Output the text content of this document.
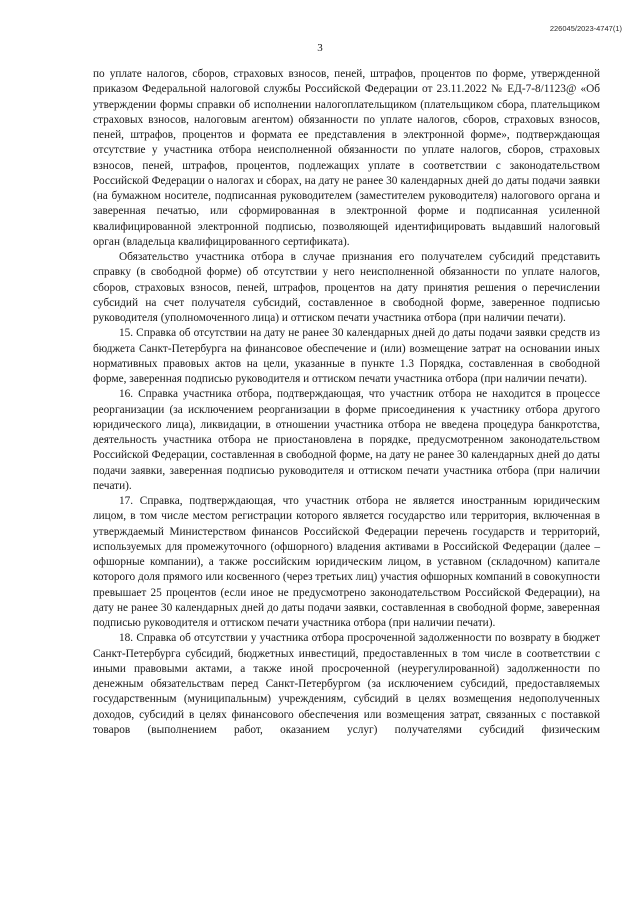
226045/2023-4747(1)
3

по уплате налогов, сборов, страховых взносов, пеней, штрафов, процентов по форме, утвержденной приказом Федеральной налоговой службы Российской Федерации от 23.11.2022 № ЕД-7-8/1123@ «Об утверждении формы справки об исполнении налогоплательщиком (плательщиком сбора, плательщиком страховых взносов, налоговым агентом) обязанности по уплате налогов, сборов, страховых взносов, пеней, штрафов, процентов и формата ее представления в электронной форме», подтверждающая отсутствие у участника отбора неисполненной обязанности по уплате налогов, сборов, страховых взносов, пеней, штрафов, процентов, подлежащих уплате в соответствии с законодательством Российской Федерации о налогах и сборах, на дату не ранее 30 календарных дней до даты подачи заявки (на бумажном носителе, подписанная руководителем (заместителем руководителя) налогового органа и заверенная печатью, или сформированная в электронной форме и подписанная усиленной квалифицированной электронной подписью, позволяющей идентифицировать выдавший налоговый орган (владельца квалифицированного сертификата).

Обязательство участника отбора в случае признания его получателем субсидий представить справку (в свободной форме) об отсутствии у него неисполненной обязанности по уплате налогов, сборов, страховых взносов, пеней, штрафов, процентов на дату принятия решения о перечислении субсидий на счет получателя субсидий, составленное в свободной форме, заверенное подписью руководителя (уполномоченного лица) и оттиском печати участника отбора (при наличии печати).

15. Справка об отсутствии на дату не ранее 30 календарных дней до даты подачи заявки средств из бюджета Санкт-Петербурга на финансовое обеспечение и (или) возмещение затрат на основании иных нормативных правовых актов на цели, указанные в пункте 1.3 Порядка, составленная в свободной форме, заверенная подписью руководителя и оттиском печати участника отбора (при наличии печати).

16. Справка участника отбора, подтверждающая, что участник отбора не находится в процессе реорганизации (за исключением реорганизации в форме присоединения к участнику отбора другого юридического лица), ликвидации, в отношении участника отбора не введена процедура банкротства, деятельность участника отбора не приостановлена в порядке, предусмотренном законодательством Российской Федерации, составленная в свободной форме, на дату не ранее 30 календарных дней до даты подачи заявки, заверенная подписью руководителя и оттиском печати участника отбора (при наличии печати).

17. Справка, подтверждающая, что участник отбора не является иностранным юридическим лицом, в том числе местом регистрации которого является государство или территория, включенная в утверждаемый Министерством финансов Российской Федерации перечень государств и территорий, используемых для промежуточного (офшорного) владения активами в Российской Федерации (далее – офшорные компании), а также российским юридическим лицом, в уставном (складочном) капитале которого доля прямого или косвенного (через третьих лиц) участия офшорных компаний в совокупности превышает 25 процентов (если иное не предусмотрено законодательством Российской Федерации), на дату не ранее 30 календарных дней до даты подачи заявки, составленная в свободной форме, заверенная подписью руководителя и оттиском печати участника отбора (при наличии печати).

18. Справка об отсутствии у участника отбора просроченной задолженности по возврату в бюджет Санкт-Петербурга субсидий, бюджетных инвестиций, предоставленных в том числе в соответствии с иными правовыми актами, а также иной просроченной (неурегулированной) задолженности по денежным обязательствам перед Санкт-Петербургом (за исключением субсидий, предоставляемых государственным (муниципальным) учреждениям, субсидий в целях возмещения недополученных доходов, субсидий в целях финансового обеспечения или возмещения затрат, связанных с поставкой товаров (выполнением работ, оказанием услуг) получателями субсидий физическим
